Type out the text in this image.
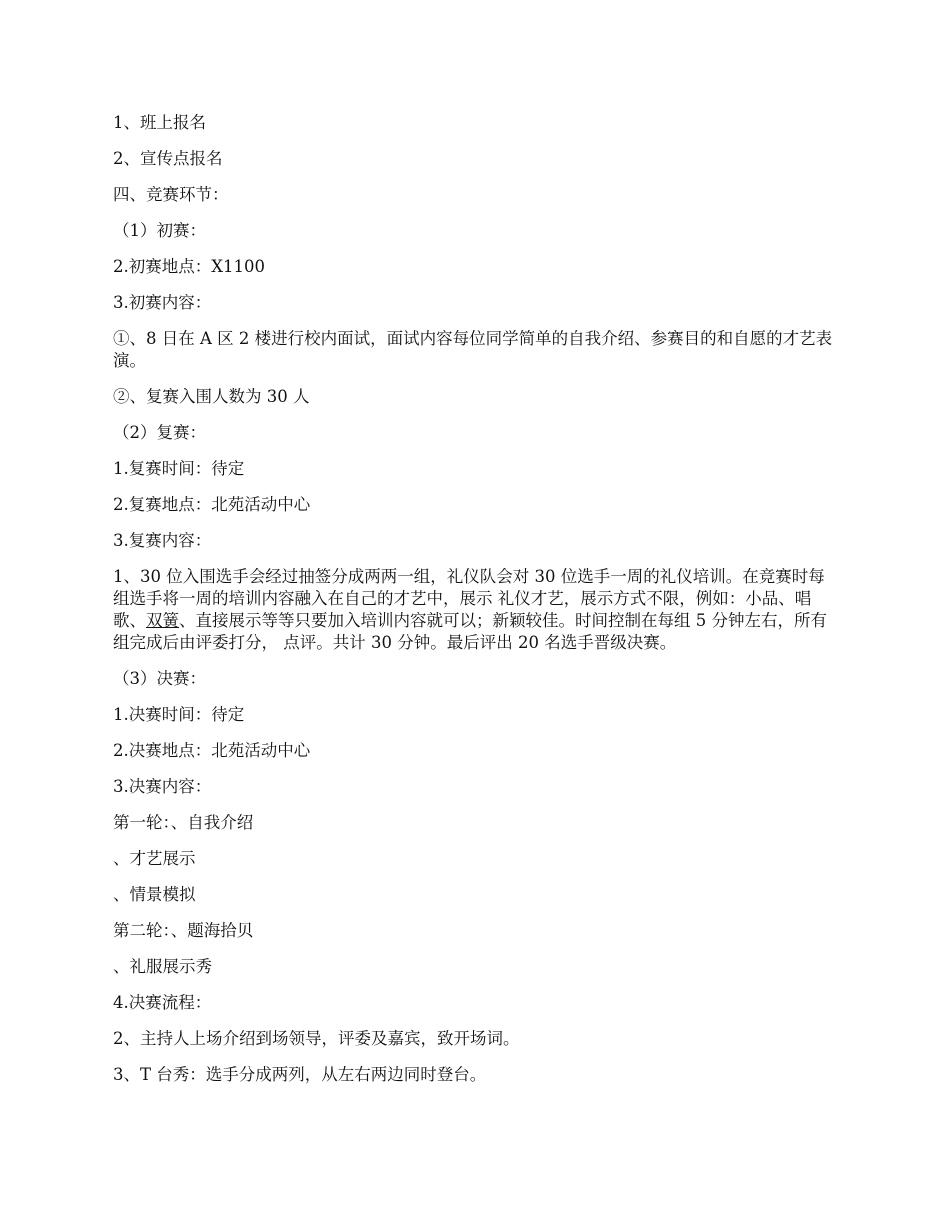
1、班上报名

2、宣传点报名

四、竞赛环节：

（1）初赛：

2.初赛地点：X1100

3.初赛内容：

①、8 日在 A 区 2 楼进行校内面试，面试内容每位同学简单的自我介绍、参赛目的和自愿的才艺表演。

②、复赛入围人数为 30 人

（2）复赛：

1.复赛时间：待定

2.复赛地点：北苑活动中心

3.复赛内容：

1、30 位入围选手会经过抽签分成两两一组，礼仪队会对 30 位选手一周的礼仪培训。在竞赛时每组选手将一周的培训内容融入在自己的才艺中，展示 礼仪才艺，展示方式不限，例如：小品、唱歌、双簧、直接展示等等只要加入培训内容就可以；新颖较佳。时间控制在每组 5 分钟左右，所有组完成后由评委打分， 点评。共计 30 分钟。最后评出 20 名选手晋级决赛。

（3）决赛：

1.决赛时间：待定

2.决赛地点：北苑活动中心

3.决赛内容：

第一轮：、自我介绍

、才艺展示

、情景模拟

第二轮：、题海拾贝

、礼服展示秀

4.决赛流程：

2、主持人上场介绍到场领导，评委及嘉宾，致开场词。

3、T 台秀：选手分成两列，从左右两边同时登台。
